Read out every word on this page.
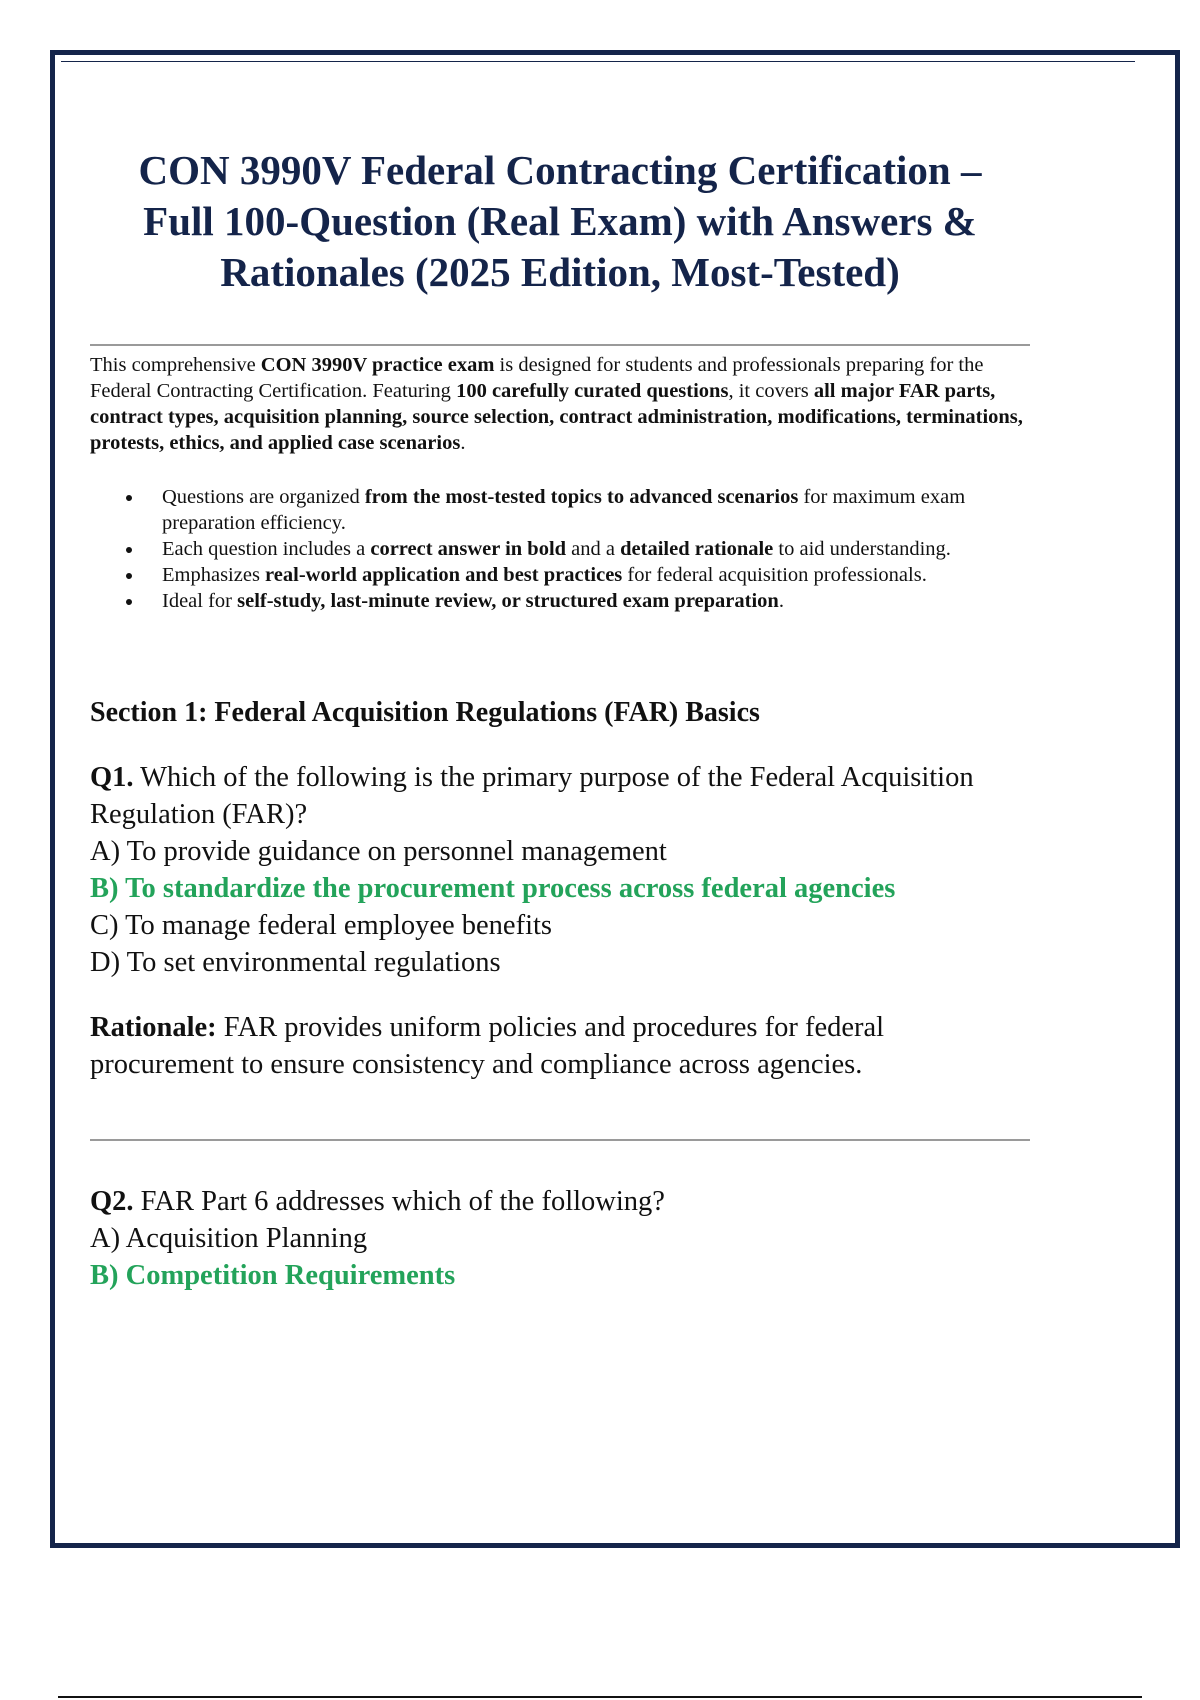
CON 3990V Federal Contracting Certification –
Full 100-Question (Real Exam) with Answers &
Rationales (2025 Edition, Most-Tested)

This comprehensive CON 3990V practice exam is designed for students and professionals preparing for the Federal Contracting Certification. Featuring 100 carefully curated questions, it covers all major FAR parts, contract types, acquisition planning, source selection, contract administration, modifications, terminations, protests, ethics, and applied case scenarios.

Questions are organized from the most-tested topics to advanced scenarios for maximum exam preparation efficiency.
Each question includes a correct answer in bold and a detailed rationale to aid understanding.
Emphasizes real-world application and best practices for federal acquisition professionals.
Ideal for self-study, last-minute review, or structured exam preparation.
Section 1: Federal Acquisition Regulations (FAR) Basics
Q1. Which of the following is the primary purpose of the Federal Acquisition Regulation (FAR)?
A) To provide guidance on personnel management
B) To standardize the procurement process across federal agencies
C) To manage federal employee benefits
D) To set environmental regulations

Rationale: FAR provides uniform policies and procedures for federal procurement to ensure consistency and compliance across agencies.

Q2. FAR Part 6 addresses which of the following?
A) Acquisition Planning
B) Competition Requirements
